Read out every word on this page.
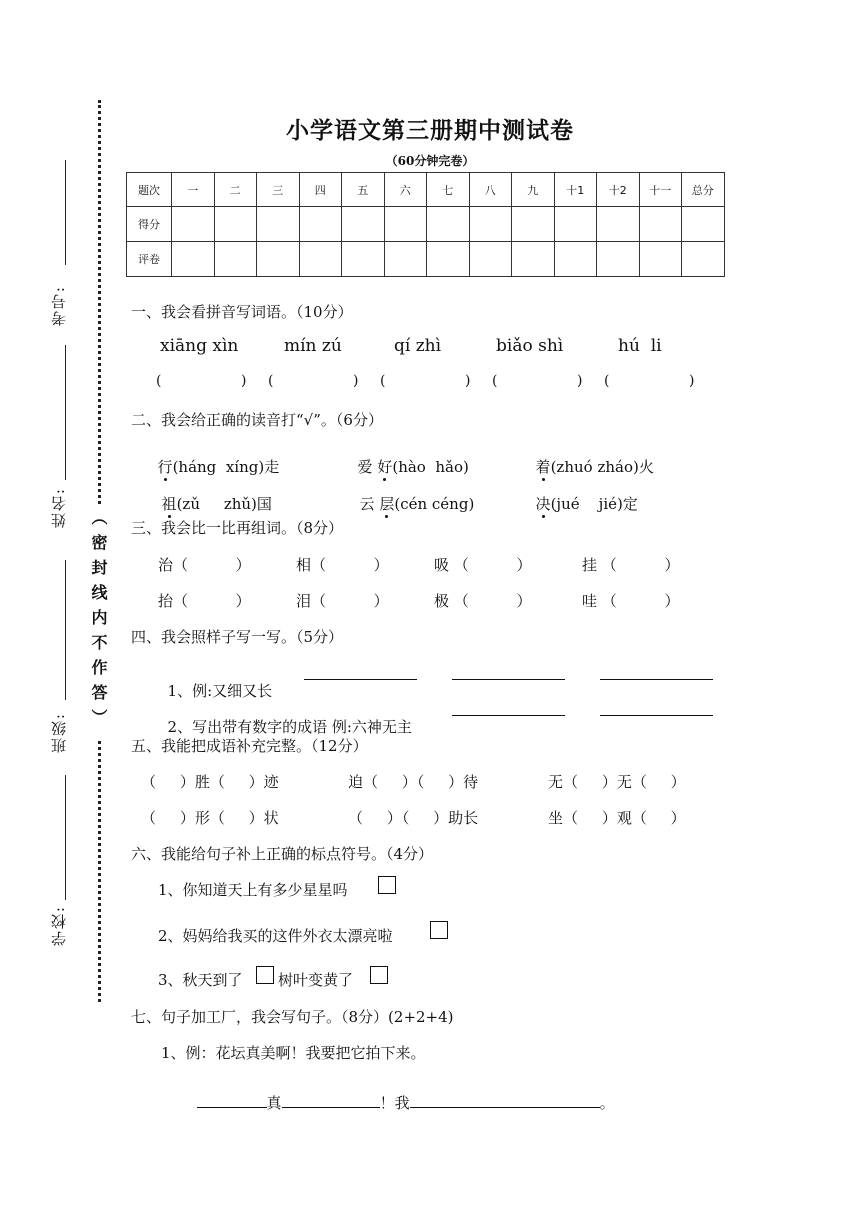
考号:
姓名:
班级:
学校:
（密封线内不作答）
小学语文第三册期中测试卷
（60分钟完卷）
题次	一	二	三	四	五	六	七	八	九	十1	十2	十一	总分
得分													
评卷													
一、我会看拼音写词语。（10分）
xiāng xìn	mín zú	qí zhì	biǎo shì	hú  li
(	) (	) (	) (	) (	)
二、我会给正确的读音打“√”。（6分）

行(háng  xíng)走	爱 好(hào  hǎo)	着(zhuó zháo)火

祖(zǔ     zhǔ)国	云 层(cén céng)	决(jué    jié)定

三、我会比一比再组词。（8分）
治（          ）	相（          ）	吸 （          ）	挂 （          ）
抬（          ）	泪（          ）	极 （          ）	哇 （          ）
四、我会照样子写一写。（5分）

1、例:又细又长

2、写出带有数字的成语 例:六神无主

五、我能把成语补充完整。（12分）
（     ）胜（     ）迹	迫（     ）（     ）待	无（     ）无（     ）
（     ）形（     ）状	（     ）（     ）助长	坐（     ）观（     ）
六、我能给句子补上正确的标点符号。（4分）
1、你知道天上有多少星星吗
2、妈妈给我买的这件外衣太漂亮啦
3、秋天到了 树叶变黄了
七、句子加工厂，我会写句子。（8分）(2+2+4)
1、例：花坛真美啊！我要把它拍下来。

真	！我	。
